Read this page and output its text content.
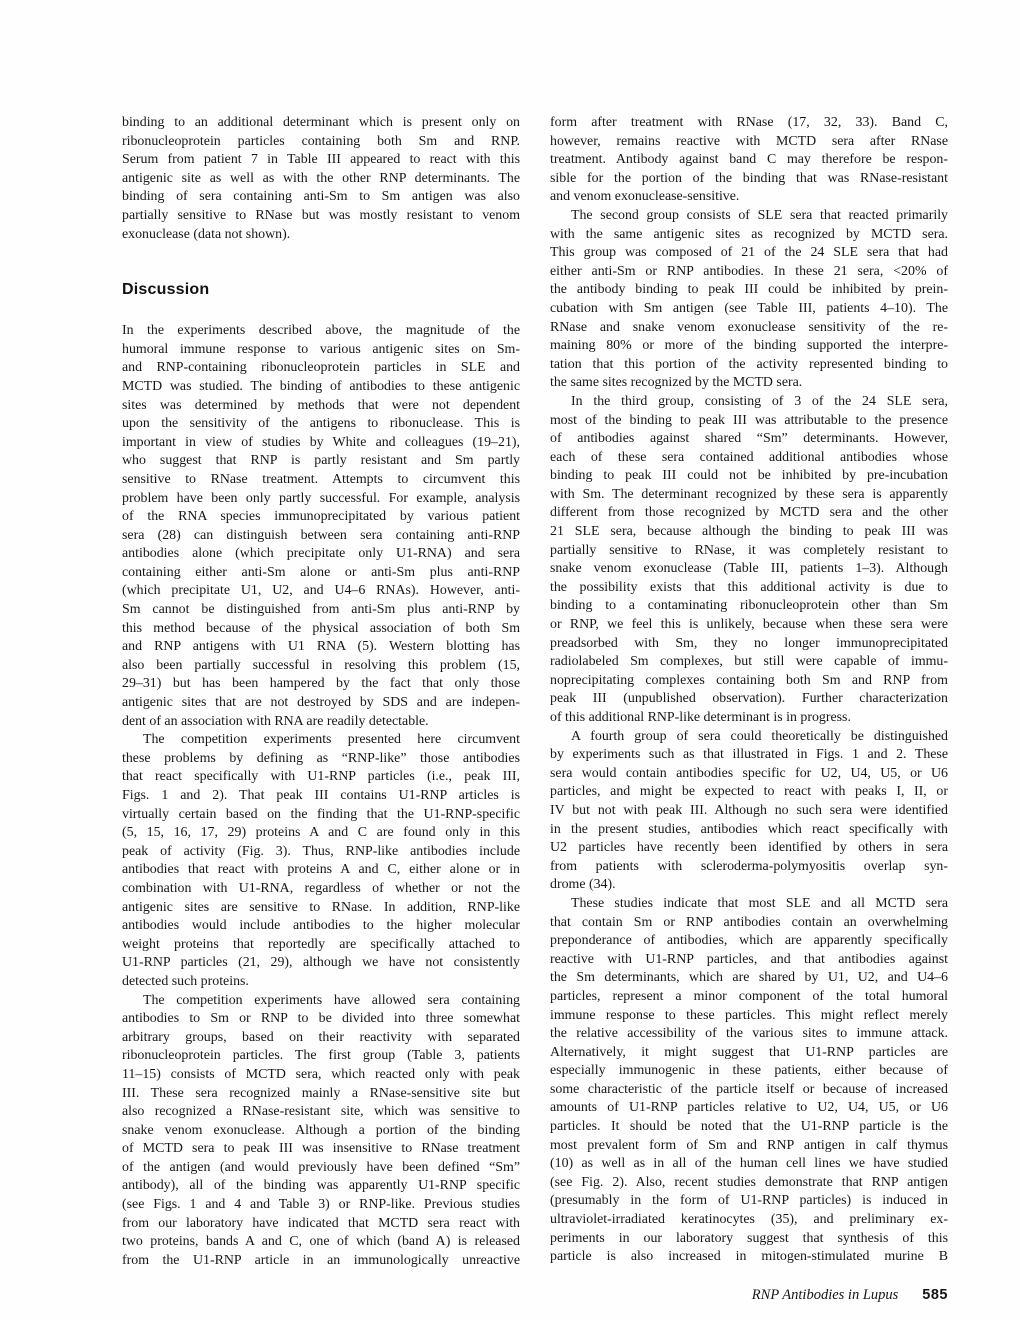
binding to an additional determinant which is present only on
ribonucleoprotein particles containing both Sm and RNP.
Serum from patient 7 in Table III appeared to react with this
antigenic site as well as with the other RNP determinants. The
binding of sera containing anti-Sm to Sm antigen was also
partially sensitive to RNase but was mostly resistant to venom
exonuclease (data not shown).
Discussion
In the experiments described above, the magnitude of the
humoral immune response to various antigenic sites on Sm-
and RNP-containing ribonucleoprotein particles in SLE and
MCTD was studied. The binding of antibodies to these antigenic
sites was determined by methods that were not dependent
upon the sensitivity of the antigens to ribonuclease. This is
important in view of studies by White and colleagues (19–21),
who suggest that RNP is partly resistant and Sm partly
sensitive to RNase treatment. Attempts to circumvent this
problem have been only partly successful. For example, analysis
of the RNA species immunoprecipitated by various patient
sera (28) can distinguish between sera containing anti-RNP
antibodies alone (which precipitate only U1-RNA) and sera
containing either anti-Sm alone or anti-Sm plus anti-RNP
(which precipitate U1, U2, and U4–6 RNAs). However, anti-
Sm cannot be distinguished from anti-Sm plus anti-RNP by
this method because of the physical association of both Sm
and RNP antigens with U1 RNA (5). Western blotting has
also been partially successful in resolving this problem (15,
29–31) but has been hampered by the fact that only those
antigenic sites that are not destroyed by SDS and are indepen-
dent of an association with RNA are readily detectable.
The competition experiments presented here circumvent
these problems by defining as “RNP-like” those antibodies
that react specifically with U1-RNP particles (i.e., peak III,
Figs. 1 and 2). That peak III contains U1-RNP articles is
virtually certain based on the finding that the U1-RNP-specific
(5, 15, 16, 17, 29) proteins A and C are found only in this
peak of activity (Fig. 3). Thus, RNP-like antibodies include
antibodies that react with proteins A and C, either alone or in
combination with U1-RNA, regardless of whether or not the
antigenic sites are sensitive to RNase. In addition, RNP-like
antibodies would include antibodies to the higher molecular
weight proteins that reportedly are specifically attached to
U1-RNP particles (21, 29), although we have not consistently
detected such proteins.
The competition experiments have allowed sera containing
antibodies to Sm or RNP to be divided into three somewhat
arbitrary groups, based on their reactivity with separated
ribonucleoprotein particles. The first group (Table 3, patients
11–15) consists of MCTD sera, which reacted only with peak
III. These sera recognized mainly a RNase-sensitive site but
also recognized a RNase-resistant site, which was sensitive to
snake venom exonuclease. Although a portion of the binding
of MCTD sera to peak III was insensitive to RNase treatment
of the antigen (and would previously have been defined “Sm”
antibody), all of the binding was apparently U1-RNP specific
(see Figs. 1 and 4 and Table 3) or RNP-like. Previous studies
from our laboratory have indicated that MCTD sera react with
two proteins, bands A and C, one of which (band A) is released
from the U1-RNP article in an immunologically unreactive
form after treatment with RNase (17, 32, 33). Band C,
however, remains reactive with MCTD sera after RNase
treatment. Antibody against band C may therefore be respon-
sible for the portion of the binding that was RNase-resistant
and venom exonuclease-sensitive.
The second group consists of SLE sera that reacted primarily
with the same antigenic sites as recognized by MCTD sera.
This group was composed of 21 of the 24 SLE sera that had
either anti-Sm or RNP antibodies. In these 21 sera, <20% of
the antibody binding to peak III could be inhibited by prein-
cubation with Sm antigen (see Table III, patients 4–10). The
RNase and snake venom exonuclease sensitivity of the re-
maining 80% or more of the binding supported the interpre-
tation that this portion of the activity represented binding to
the same sites recognized by the MCTD sera.
In the third group, consisting of 3 of the 24 SLE sera,
most of the binding to peak III was attributable to the presence
of antibodies against shared “Sm” determinants. However,
each of these sera contained additional antibodies whose
binding to peak III could not be inhibited by pre-incubation
with Sm. The determinant recognized by these sera is apparently
different from those recognized by MCTD sera and the other
21 SLE sera, because although the binding to peak III was
partially sensitive to RNase, it was completely resistant to
snake venom exonuclease (Table III, patients 1–3). Although
the possibility exists that this additional activity is due to
binding to a contaminating ribonucleoprotein other than Sm
or RNP, we feel this is unlikely, because when these sera were
preadsorbed with Sm, they no longer immunoprecipitated
radiolabeled Sm complexes, but still were capable of immu-
noprecipitating complexes containing both Sm and RNP from
peak III (unpublished observation). Further characterization
of this additional RNP-like determinant is in progress.
A fourth group of sera could theoretically be distinguished
by experiments such as that illustrated in Figs. 1 and 2. These
sera would contain antibodies specific for U2, U4, U5, or U6
particles, and might be expected to react with peaks I, II, or
IV but not with peak III. Although no such sera were identified
in the present studies, antibodies which react specifically with
U2 particles have recently been identified by others in sera
from patients with scleroderma-polymyositis overlap syn-
drome (34).
These studies indicate that most SLE and all MCTD sera
that contain Sm or RNP antibodies contain an overwhelming
preponderance of antibodies, which are apparently specifically
reactive with U1-RNP particles, and that antibodies against
the Sm determinants, which are shared by U1, U2, and U4–6
particles, represent a minor component of the total humoral
immune response to these particles. This might reflect merely
the relative accessibility of the various sites to immune attack.
Alternatively, it might suggest that U1-RNP particles are
especially immunogenic in these patients, either because of
some characteristic of the particle itself or because of increased
amounts of U1-RNP particles relative to U2, U4, U5, or U6
particles. It should be noted that the U1-RNP particle is the
most prevalent form of Sm and RNP antigen in calf thymus
(10) as well as in all of the human cell lines we have studied
(see Fig. 2). Also, recent studies demonstrate that RNP antigen
(presumably in the form of U1-RNP particles) is induced in
ultraviolet-irradiated keratinocytes (35), and preliminary ex-
periments in our laboratory suggest that synthesis of this
particle is also increased in mitogen-stimulated murine B
RNP Antibodies in Lupus 585
